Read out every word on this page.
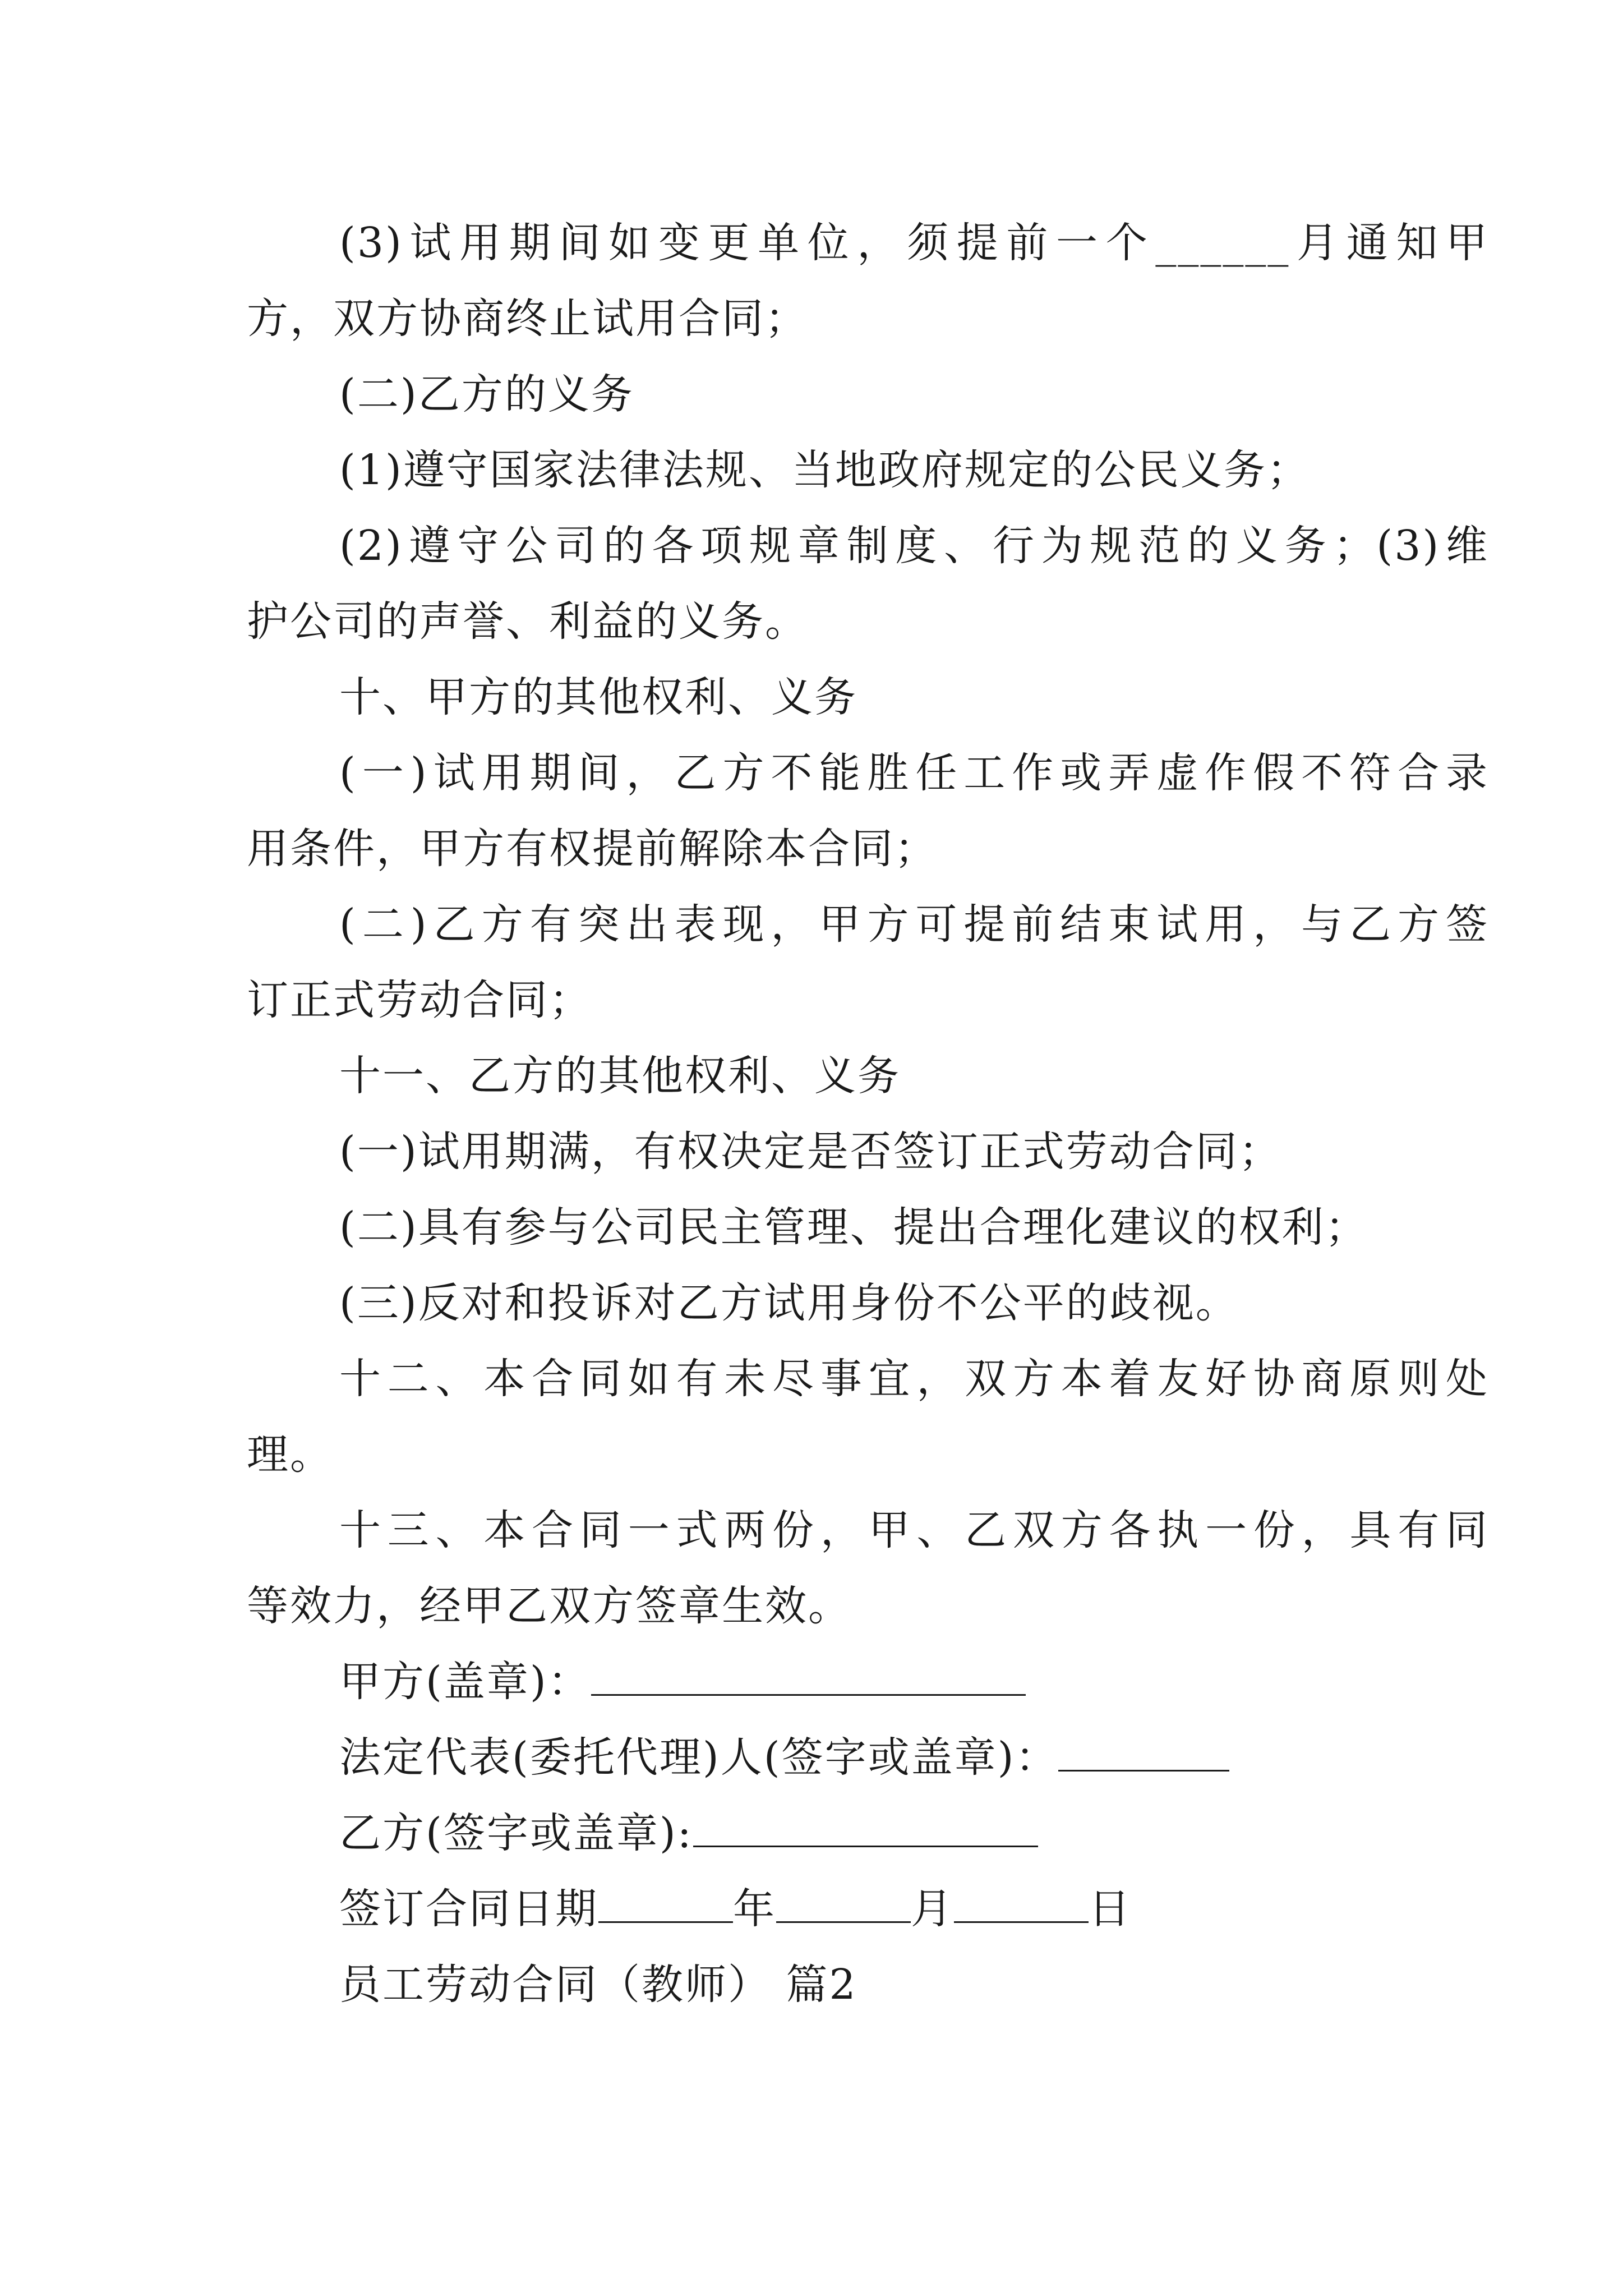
(3)试用期间如变更单位，须提前一个______月通知甲
方，双方协商终止试用合同；
(二)乙方的义务
(1)遵守国家法律法规、当地政府规定的公民义务；
(2)遵守公司的各项规章制度、行为规范的义务；(3)维
护公司的声誉、利益的义务。
十、甲方的其他权利、义务
(一)试用期间，乙方不能胜任工作或弄虚作假不符合录
用条件，甲方有权提前解除本合同；
(二)乙方有突出表现，甲方可提前结束试用，与乙方签
订正式劳动合同；
十一、乙方的其他权利、义务
(一)试用期满，有权决定是否签订正式劳动合同；
(二)具有参与公司民主管理、提出合理化建议的权利；
(三)反对和投诉对乙方试用身份不公平的歧视。
十二、本合同如有未尽事宜，双方本着友好协商原则处
理。
十三、本合同一式两份，甲、乙双方各执一份，具有同
等效力，经甲乙双方签章生效。
甲方(盖章)：
法定代表(委托代理)人(签字或盖章)：
乙方(签字或盖章):
签订合同日期	年	月	日
员工劳动合同（教师） 篇2
